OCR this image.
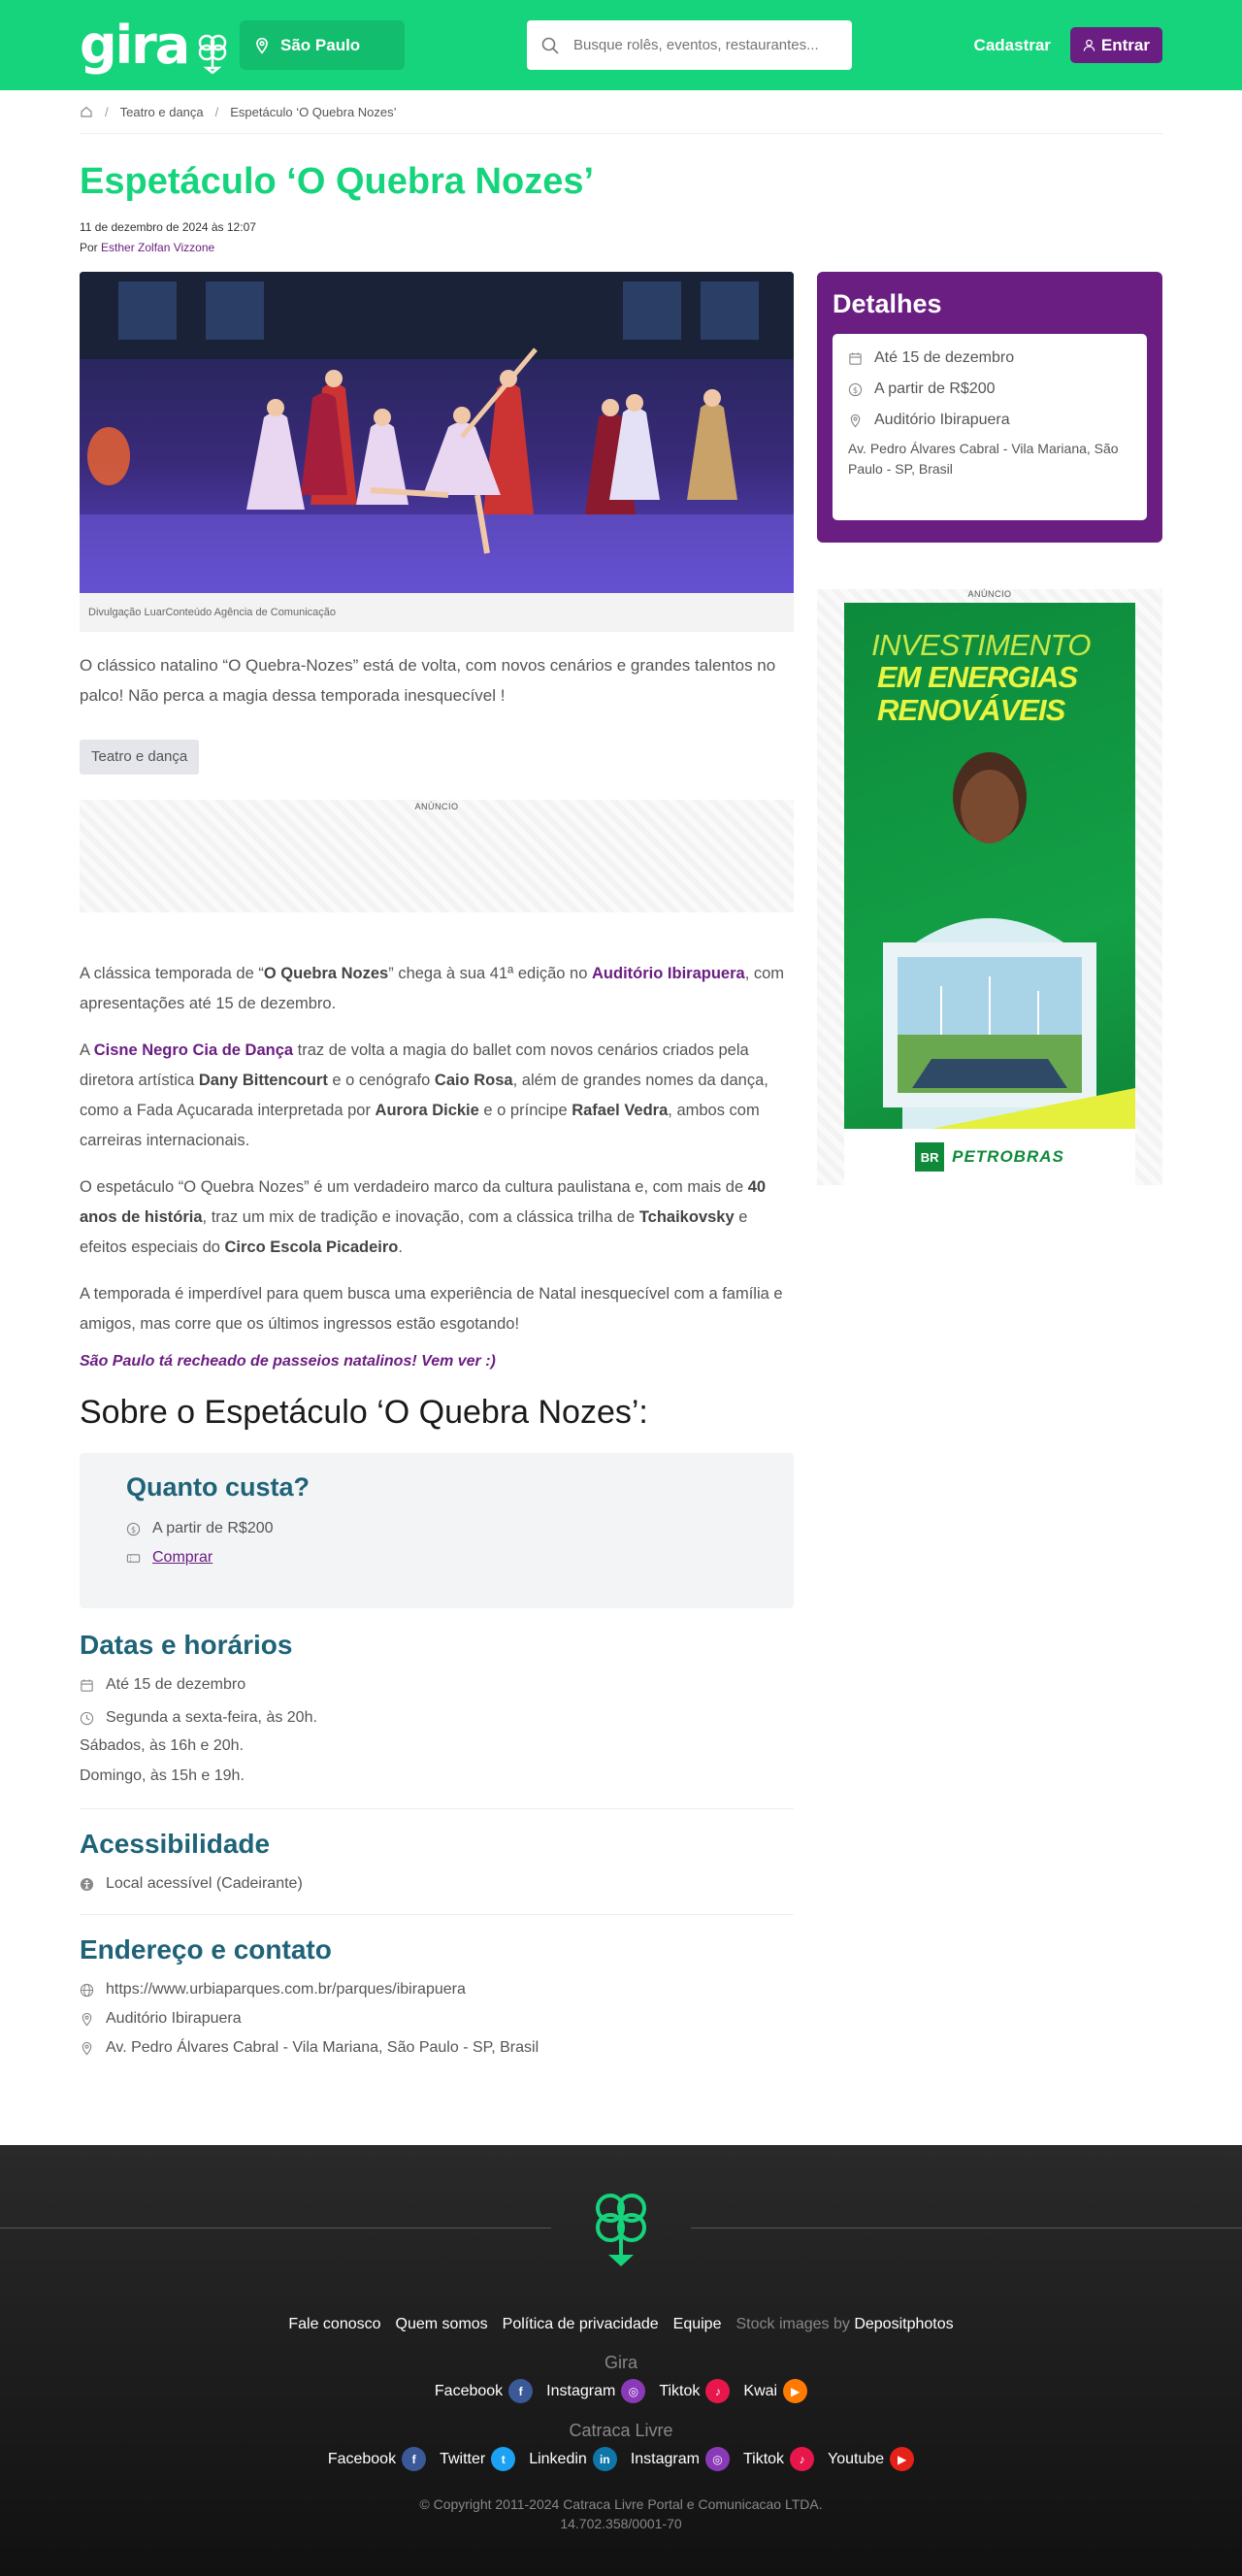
gira	São Paulo
Busque rolês, eventos, restaurantes...	Cadastrar	Entrar
/ Teatro e dança / Espetáculo ‘O Quebra Nozes’
Espetáculo ‘O Quebra Nozes’

11 de dezembro de 2024 às 12:07

Por Esther Zolfan Vizzone

Divulgação LuarConteúdo Agência de Comunicação

O clássico natalino “O Quebra-Nozes” está de volta, com novos cenários e grandes talentos no palco! Não perca a magia dessa temporada inesquecível !

Teatro e dança
ANÚNCIO

A clássica temporada de “O Quebra Nozes” chega à sua 41ª edição no Auditório Ibirapuera, com apresentações até 15 de dezembro.

A Cisne Negro Cia de Dança traz de volta a magia do ballet com novos cenários criados pela diretora artística Dany Bittencourt e o cenógrafo Caio Rosa, além de grandes nomes da dança, como a Fada Açucarada interpretada por Aurora Dickie e o príncipe Rafael Vedra, ambos com carreiras internacionais.

O espetáculo “O Quebra Nozes” é um verdadeiro marco da cultura paulistana e, com mais de 40 anos de história, traz um mix de tradição e inovação, com a clássica trilha de Tchaikovsky e efeitos especiais do Circo Escola Picadeiro.

A temporada é imperdível para quem busca uma experiência de Natal inesquecível com a família e amigos, mas corre que os últimos ingressos estão esgotando!

São Paulo tá recheado de passeios natalinos! Vem ver :)
Sobre o Espetáculo ‘O Quebra Nozes’:
Quanto custa?
$ A partir de R$200
Comprar
Datas e horários
Até 15 de dezembro
Segunda a sexta-feira, às 20h.

Sábados, às 16h e 20h.

Domingo, às 15h e 19h.

Acessibilidade
Local acessível (Cadeirante)
Endereço e contato
https://www.urbiaparques.com.br/parques/ibirapuera
Auditório Ibirapuera
Av. Pedro Álvares Cabral - Vila Mariana, São Paulo - SP, Brasil
Detalhes
Até 15 de dezembro
$ A partir de R$200
Auditório Ibirapuera

Av. Pedro Álvares Cabral - Vila Mariana, São Paulo - SP, Brasil

ANÚNCIO
INVESTIMENTO
EM ENERGIAS
RENOVÁVEIS
BR PETROBRAS
Fale conosco Quem somos Política de privacidade Equipe Stock images by Depositphotos
Gira
Facebook	f	Instagram	◎	Tiktok	♪	Kwai	▶
Catraca Livre
Facebook	f	Twitter	t	Linkedin	in	Instagram	◎	Tiktok	♪	Youtube	▶
© Copyright 2011-2024 Catraca Livre Portal e Comunicacao LTDA.
14.702.358/0001-70
